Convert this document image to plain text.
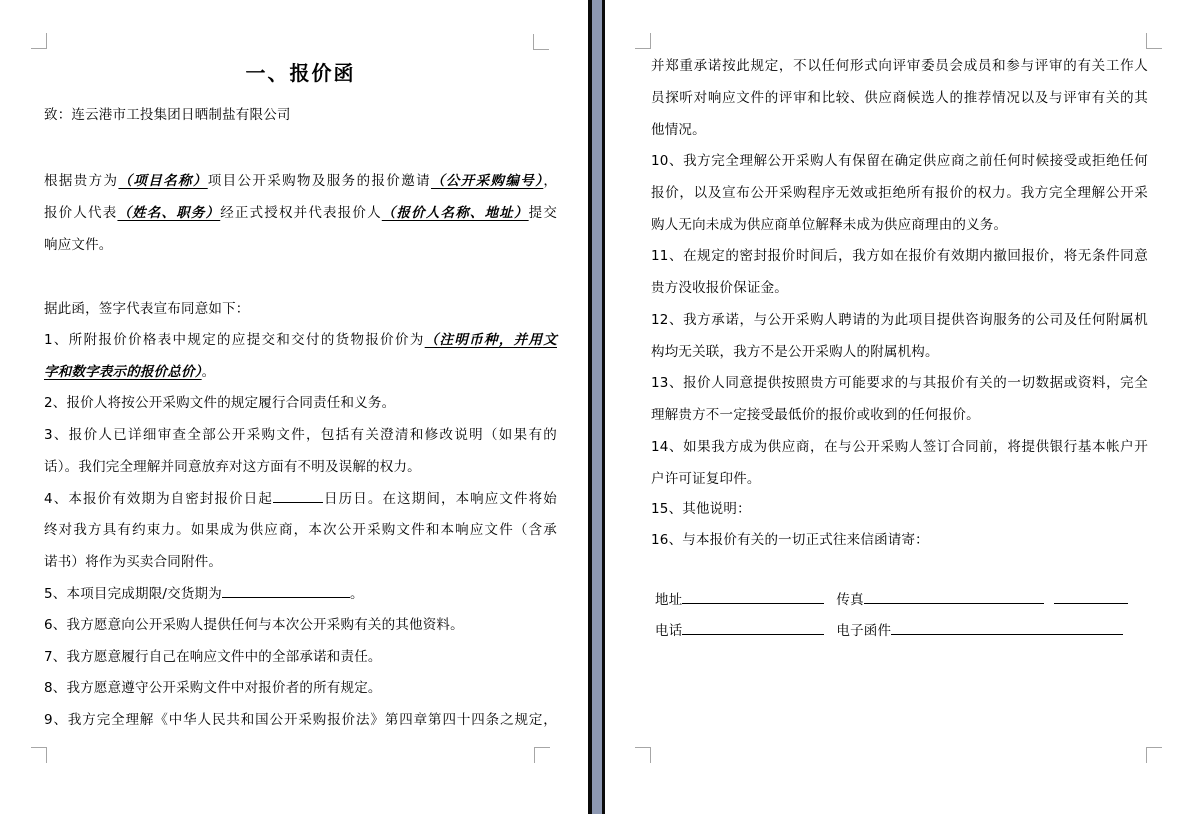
一、报价函
致：连云港市工投集团日晒制盐有限公司
根据贵方为（项目名称）项目公开采购物及服务的报价邀请（公开采购编号），
报价人代表（姓名、职务）经正式授权并代表报价人（报价人名称、地址）提交
响应文件。
据此函，签字代表宣布同意如下：
1、所附报价价格表中规定的应提交和交付的货物报价价为（注明币种，并用文
字和数字表示的报价总价）。
2、报价人将按公开采购文件的规定履行合同责任和义务。
3、报价人已详细审查全部公开采购文件，包括有关澄清和修改说明（如果有的
话）。我们完全理解并同意放弃对这方面有不明及误解的权力。
4、本报价有效期为自密封报价日起	日历日。在这期间，本响应文件将始
终对我方具有约束力。如果成为供应商，本次公开采购文件和本响应文件（含承
诺书）将作为买卖合同附件。
5、本项目完成期限/交货期为	。
6、我方愿意向公开采购人提供任何与本次公开采购有关的其他资料。
7、我方愿意履行自己在响应文件中的全部承诺和责任。
8、我方愿意遵守公开采购文件中对报价者的所有规定。
9、我方完全理解《中华人民共和国公开采购报价法》第四章第四十四条之规定，
并郑重承诺按此规定，不以任何形式向评审委员会成员和参与评审的有关工作人
员探听对响应文件的评审和比较、供应商候选人的推荐情况以及与评审有关的其
他情况。
10、我方完全理解公开采购人有保留在确定供应商之前任何时候接受或拒绝任何
报价，以及宣布公开采购程序无效或拒绝所有报价的权力。我方完全理解公开采
购人无向未成为供应商单位解释未成为供应商理由的义务。
11、在规定的密封报价时间后，我方如在报价有效期内撤回报价，将无条件同意
贵方没收报价保证金。
12、我方承诺，与公开采购人聘请的为此项目提供咨询服务的公司及任何附属机
构均无关联，我方不是公开采购人的附属机构。
13、报价人同意提供按照贵方可能要求的与其报价有关的一切数据或资料，完全
理解贵方不一定接受最低价的报价或收到的任何报价。
14、如果我方成为供应商，在与公开采购人签订合同前，将提供银行基本帐户开
户许可证复印件。
15、其他说明：
16、与本报价有关的一切正式往来信函请寄：
地址	传真
电话	电子函件
